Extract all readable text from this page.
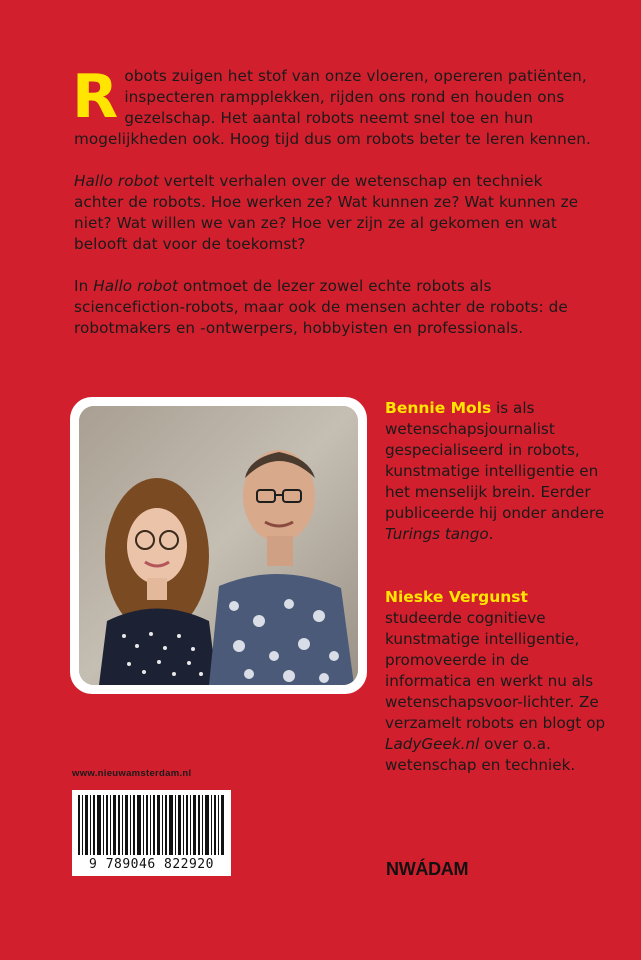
Robots zuigen het stof van onze vloeren, opereren patiënten, inspecteren rampplekken, rijden ons rond en houden ons gezelschap. Het aantal robots neemt snel toe en hun mogelijkheden ook. Hoog tijd dus om robots beter te leren kennen.

Hallo robot vertelt verhalen over de wetenschap en techniek achter de robots. Hoe werken ze? Wat kunnen ze? Wat kunnen ze niet? Wat willen we van ze? Hoe ver zijn ze al gekomen en wat belooft dat voor de toekomst?

In Hallo robot ontmoet de lezer zowel echte robots als sciencefiction-robots, maar ook de mensen achter de robots: de robotmakers en -ontwerpers, hobbyisten en professionals.

Bennie Mols is als wetenschapsjournalist gespecialiseerd in robots, kunstmatige intelligentie en het menselijk brein. Eerder publiceerde hij onder andere Turings tango.
Nieske Vergunst
studeerde cognitieve kunstmatige intelligentie, promoveerde in de informatica en werkt nu als wetenschapsvoor-lichter. Ze verzamelt robots en blogt op LadyGeek.nl over o.a. wetenschap en techniek.
www.nieuwamsterdam.nl
9 789046 822920	NWÁDAM
